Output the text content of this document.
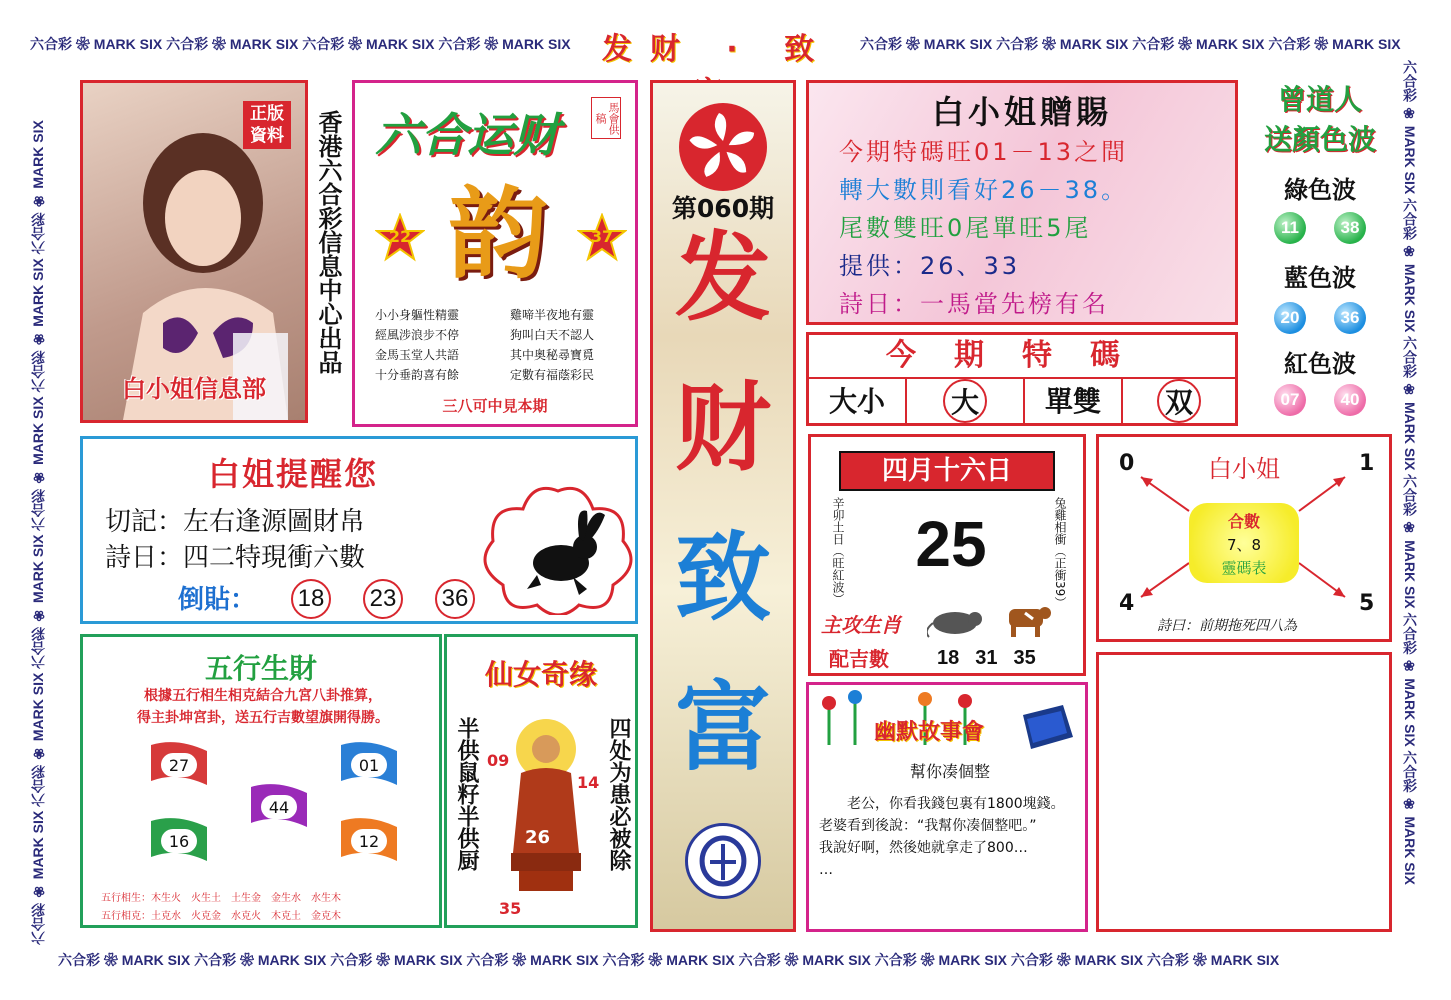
六合彩 ❀ MARK SIX 六合彩 ❀ MARK SIX 六合彩 ❀ MARK SIX 六合彩 ❀ MARK SIX	发财 · 致	六合彩 ❀ MARK SIX 六合彩 ❀ MARK SIX 六合彩 ❀ MARK SIX 六合彩 ❀ MARK SIX
六合彩 ❀ MARK SIX 六合彩 ❀ MARK SIX 六合彩 ❀ MARK SIX 六合彩 ❀ MARK SIX 六合彩 ❀ MARK SIX 六合彩 ❀ MARK SIX 六合彩 ❀ MARK SIX 六合彩 ❀ MARK SIX 六合彩 ❀ MARK SIX
六合彩 ❀ MARK SIX 六合彩 ❀ MARK SIX 六合彩 ❀ MARK SIX 六合彩 ❀ MARK SIX 六合彩 ❀ MARK SIX 六合彩 ❀ MARK SIX	六合彩 ❀ MARK SIX 六合彩 ❀ MARK SIX 六合彩 ❀ MARK SIX 六合彩 ❀ MARK SIX 六合彩 ❀ MARK SIX 六合彩 ❀ MARK SIX
正版
資料
白小姐信息部
香港六合彩信息中心出品 六合运财	馬會供稿
22	37
韵
小小身軀性精靈
經風涉浪步不停
金馬玉堂人共語
十分垂韵喜有餘
雞啼半夜地有靈
狗叫白天不認人
其中奥秘尋寶覓
定數有福蔭彩民
三八可中見本期
第060期
发
财
致
富
白小姐贈賜
今期特碼旺01－13之間
轉大數則看好26－38。
尾數雙旺0尾單旺5尾
提供：26、33
詩日：一馬當先榜有名
曾道人
送顏色波
綠色波
11	38
藍色波
20	36
紅色波
07	40
今期特碼
大小	大	單雙	双
白姐提醒您
切記：左右逢源圖財帛
詩日：四二特現衝六數
倒貼： 18 23 36
四月十六日
辛卯土日（旺紅波）	兔雞相衝（正衝39）
25
主攻生肖
配吉數 18 31 35
白小姐
0	1
4	5
合數
7、8
靈碼表
詩曰：前期拖死四八為
五行生財
根據五行相生相克結合九宮八卦推算，
得主卦坤宮卦，送五行吉數望旗開得勝。
27	01
44
16	12
五行相生：木生火　火生土　土生金　金生水　水生木
五行相克：土克水　火克金　水克火　木克土　金克木
仙女奇缘
半供鼠籽半供厨	四处为患必被除
09
14
26
35
幽默故事會
幫你凑個整
老公，你看我錢包裏有1800塊錢。
老婆看到後說：“我幫你凑個整吧。”
我說好啊，然後她就拿走了800…
…
